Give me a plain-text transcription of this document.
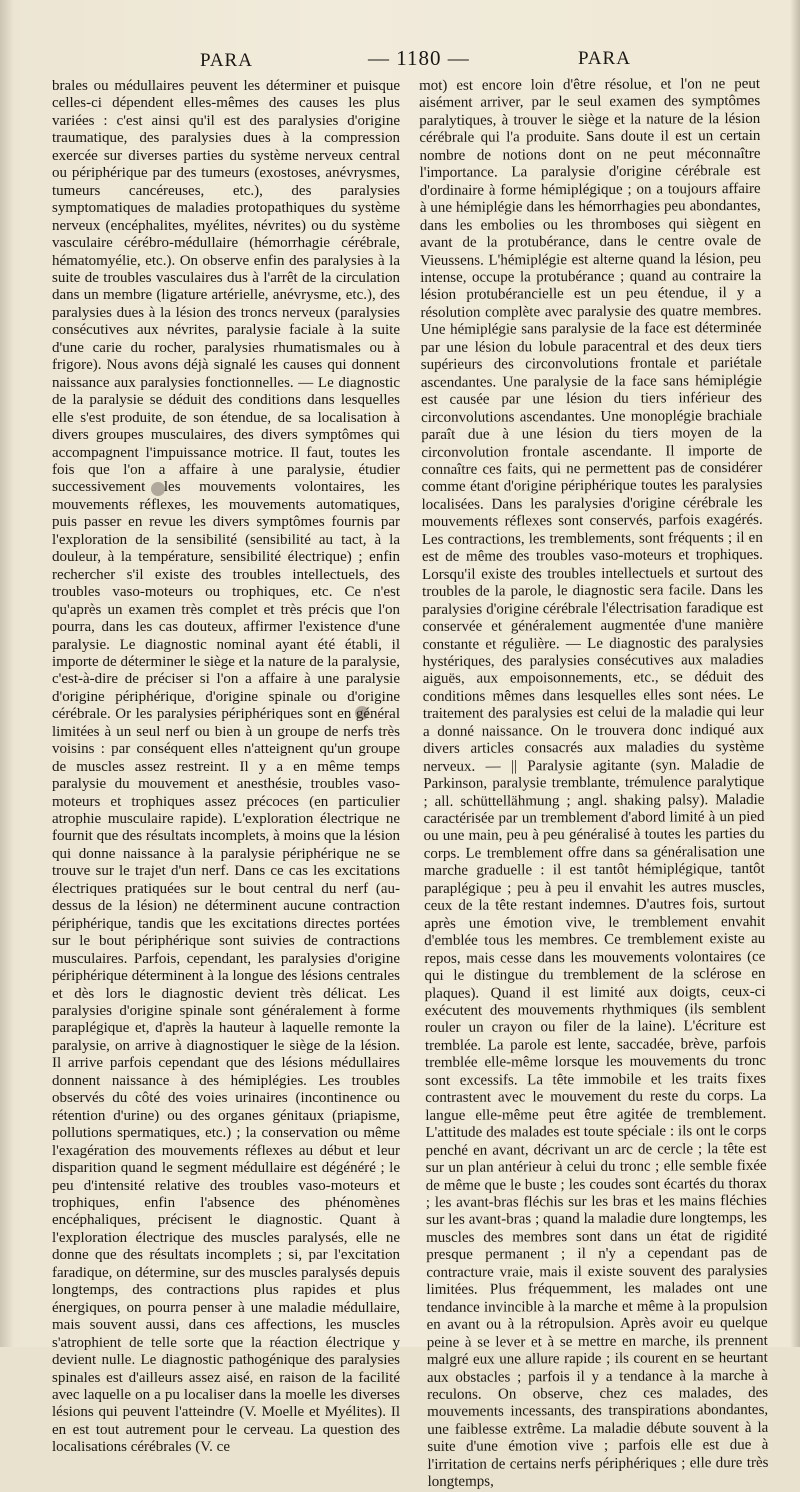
PARA	— 1180 —	PARA

brales ou médullaires peuvent les déterminer et puisque celles-ci dépendent elles-mêmes des causes les plus variées : c'est ainsi qu'il est des paralysies d'origine traumatique, des paralysies dues à la compression exercée sur diverses parties du système nerveux central ou périphérique par des tumeurs (exostoses, anévrysmes, tumeurs cancéreuses, etc.), des paralysies symptomatiques de maladies protopathiques du système nerveux (encéphalites, myélites, névrites) ou du système vasculaire cérébro-médullaire (hémorrhagie cérébrale, hématomyélie, etc.). On observe enfin des paralysies à la suite de troubles vasculaires dus à l'arrêt de la circulation dans un membre (ligature artérielle, anévrysme, etc.), des paralysies dues à la lésion des troncs nerveux (paralysies consécutives aux névrites, paralysie faciale à la suite d'une carie du rocher, paralysies rhumatismales ou à frigore). Nous avons déjà signalé les causes qui donnent naissance aux paralysies fonctionnelles. — Le diagnostic de la paralysie se déduit des conditions dans lesquelles elle s'est produite, de son étendue, de sa localisation à divers groupes musculaires, des divers symptômes qui accompagnent l'impuissance motrice. Il faut, toutes les fois que l'on a affaire à une paralysie, étudier successivement les mouvements volontaires, les mouvements réflexes, les mouvements automatiques, puis passer en revue les divers symptômes fournis par l'exploration de la sensibilité (sensibilité au tact, à la douleur, à la température, sensibilité électrique) ; enfin rechercher s'il existe des troubles intellectuels, des troubles vaso-moteurs ou trophiques, etc. Ce n'est qu'après un examen très complet et très précis que l'on pourra, dans les cas douteux, affirmer l'existence d'une paralysie. Le diagnostic nominal ayant été établi, il importe de déterminer le siège et la nature de la paralysie, c'est-à-dire de préciser si l'on a affaire à une paralysie d'origine périphérique, d'origine spinale ou d'origine cérébrale. Or les paralysies périphériques sont en général limitées à un seul nerf ou bien à un groupe de nerfs très voisins : par conséquent elles n'atteignent qu'un groupe de muscles assez restreint. Il y a en même temps paralysie du mouvement et anesthésie, troubles vaso-moteurs et trophiques assez précoces (en particulier atrophie musculaire rapide). L'exploration électrique ne fournit que des résultats incomplets, à moins que la lésion qui donne naissance à la paralysie périphérique ne se trouve sur le trajet d'un nerf. Dans ce cas les excitations électriques pratiquées sur le bout central du nerf (au-dessus de la lésion) ne déterminent aucune contraction périphérique, tandis que les excitations directes portées sur le bout périphérique sont suivies de contractions musculaires. Parfois, cependant, les paralysies d'origine périphérique déterminent à la longue des lésions centrales et dès lors le diagnostic devient très délicat. Les paralysies d'origine spinale sont généralement à forme paraplégique et, d'après la hauteur à laquelle remonte la paralysie, on arrive à diagnostiquer le siège de la lésion. Il arrive parfois cependant que des lésions médullaires donnent naissance à des hémiplégies. Les troubles observés du côté des voies urinaires (incontinence ou rétention d'urine) ou des organes génitaux (priapisme, pollutions spermatiques, etc.) ; la conservation ou même l'exagération des mouvements réflexes au début et leur disparition quand le segment médullaire est dégénéré ; le peu d'intensité relative des troubles vaso-moteurs et trophiques, enfin l'absence des phénomènes encéphaliques, précisent le diagnostic. Quant à l'exploration électrique des muscles paralysés, elle ne donne que des résultats incomplets ; si, par l'excitation faradique, on détermine, sur des muscles paralysés depuis longtemps, des contractions plus rapides et plus énergiques, on pourra penser à une maladie médullaire, mais souvent aussi, dans ces affections, les muscles s'atrophient de telle sorte que la réaction électrique y devient nulle. Le diagnostic pathogénique des paralysies spinales est d'ailleurs assez aisé, en raison de la facilité avec laquelle on a pu localiser dans la moelle les diverses lésions qui peuvent l'atteindre (V. Moelle et Myélites). Il en est tout autrement pour le cerveau. La question des localisations cérébrales (V. ce

mot) est encore loin d'être résolue, et l'on ne peut aisément arriver, par le seul examen des symptômes paralytiques, à trouver le siège et la nature de la lésion cérébrale qui l'a produite. Sans doute il est un certain nombre de notions dont on ne peut méconnaître l'importance. La paralysie d'origine cérébrale est d'ordinaire à forme hémiplégique ; on a toujours affaire à une hémiplégie dans les hémorrhagies peu abondantes, dans les embolies ou les thromboses qui siègent en avant de la protubérance, dans le centre ovale de Vieussens. L'hémiplégie est alterne quand la lésion, peu intense, occupe la protubérance ; quand au contraire la lésion protubérancielle est un peu étendue, il y a résolution complète avec paralysie des quatre membres. Une hémiplégie sans paralysie de la face est déterminée par une lésion du lobule paracentral et des deux tiers supérieurs des circonvolutions frontale et pariétale ascendantes. Une paralysie de la face sans hémiplégie est causée par une lésion du tiers inférieur des circonvolutions ascendantes. Une monoplégie brachiale paraît due à une lésion du tiers moyen de la circonvolution frontale ascendante. Il importe de connaître ces faits, qui ne permettent pas de considérer comme étant d'origine périphérique toutes les paralysies localisées. Dans les paralysies d'origine cérébrale les mouvements réflexes sont conservés, parfois exagérés. Les contractions, les tremblements, sont fréquents ; il en est de même des troubles vaso-moteurs et trophiques. Lorsqu'il existe des troubles intellectuels et surtout des troubles de la parole, le diagnostic sera facile. Dans les paralysies d'origine cérébrale l'électrisation faradique est conservée et généralement augmentée d'une manière constante et régulière. — Le diagnostic des paralysies hystériques, des paralysies consécutives aux maladies aiguës, aux empoisonnements, etc., se déduit des conditions mêmes dans lesquelles elles sont nées. Le traitement des paralysies est celui de la maladie qui leur a donné naissance. On le trouvera donc indiqué aux divers articles consacrés aux maladies du système nerveux. — || Paralysie agitante (syn. Maladie de Parkinson, paralysie tremblante, trémulence paralytique ; all. schüttellähmung ; angl. shaking palsy). Maladie caractérisée par un tremblement d'abord limité à un pied ou une main, peu à peu généralisé à toutes les parties du corps. Le tremblement offre dans sa généralisation une marche graduelle : il est tantôt hémiplégique, tantôt paraplégique ; peu à peu il envahit les autres muscles, ceux de la tête restant indemnes. D'autres fois, surtout après une émotion vive, le tremblement envahit d'emblée tous les membres. Ce tremblement existe au repos, mais cesse dans les mouvements volontaires (ce qui le distingue du tremblement de la sclérose en plaques). Quand il est limité aux doigts, ceux-ci exécutent des mouvements rhythmiques (ils semblent rouler un crayon ou filer de la laine). L'écriture est tremblée. La parole est lente, saccadée, brève, parfois tremblée elle-même lorsque les mouvements du tronc sont excessifs. La tête immobile et les traits fixes contrastent avec le mouvement du reste du corps. La langue elle-même peut être agitée de tremblement. L'attitude des malades est toute spéciale : ils ont le corps penché en avant, décrivant un arc de cercle ; la tête est sur un plan antérieur à celui du tronc ; elle semble fixée de même que le buste ; les coudes sont écartés du thorax ; les avant-bras fléchis sur les bras et les mains fléchies sur les avant-bras ; quand la maladie dure longtemps, les muscles des membres sont dans un état de rigidité presque permanent ; il n'y a cependant pas de contracture vraie, mais il existe souvent des paralysies limitées. Plus fréquemment, les malades ont une tendance invincible à la marche et même à la propulsion en avant ou à la rétropulsion. Après avoir eu quelque peine à se lever et à se mettre en marche, ils prennent malgré eux une allure rapide ; ils courent en se heurtant aux obstacles ; parfois il y a tendance à la marche à reculons. On observe, chez ces malades, des mouvements incessants, des transpirations abondantes, une faiblesse extrême. La maladie débute souvent à la suite d'une émotion vive ; parfois elle est due à l'irritation de certains nerfs périphériques ; elle dure très longtemps,
